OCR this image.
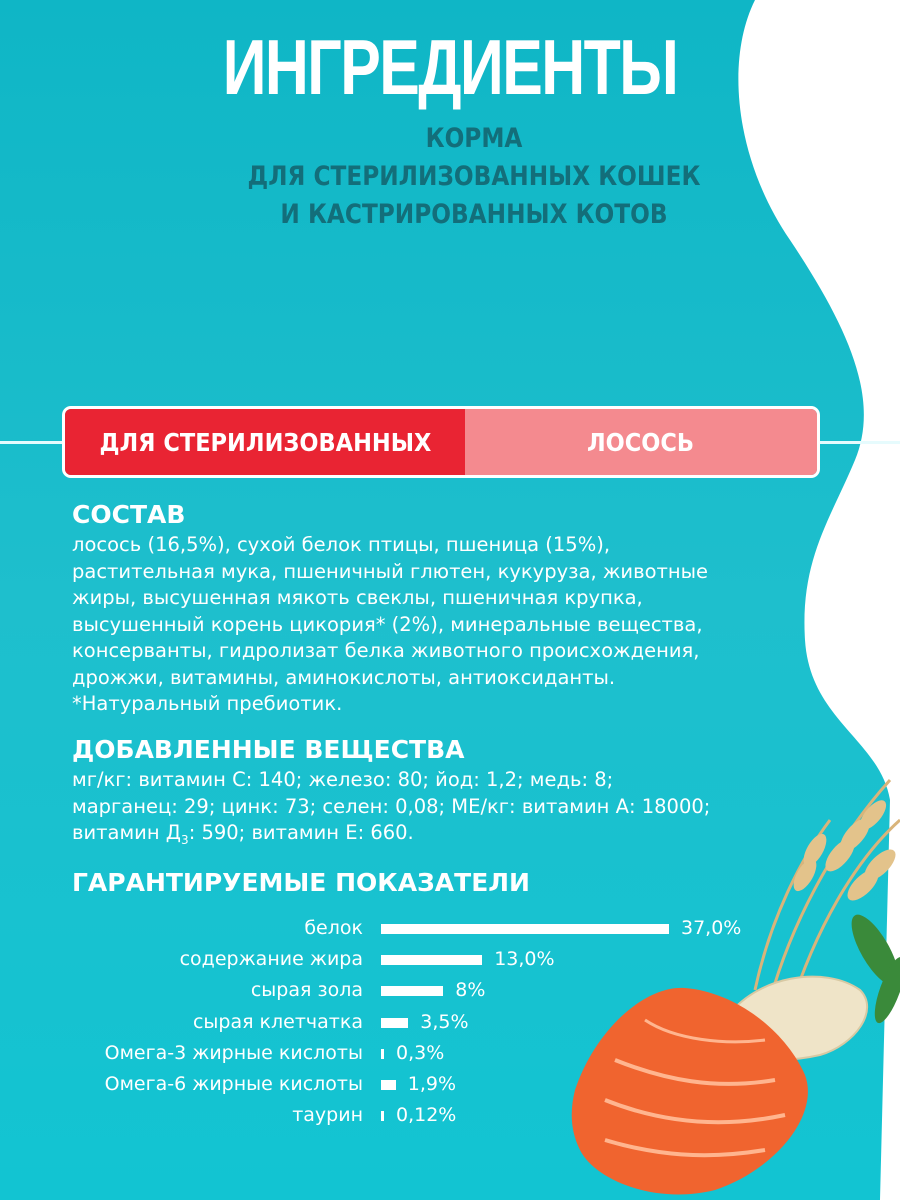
ИНГРЕДИЕНТЫ
КОРМА
ДЛЯ СТЕРИЛИЗОВАННЫХ КОШЕК
И КАСТРИРОВАННЫХ КОТОВ
ДЛЯ СТЕРИЛИЗОВАННЫХ	ЛОСОСЬ
СОСТАВ
лосось (16,5%), сухой белок птицы, пшеница (15%),
растительная мука, пшеничный глютен, кукуруза, животные
жиры, высушенная мякоть свеклы, пшеничная крупка,
высушенный корень цикория* (2%), минеральные вещества,
консерванты, гидролизат белка животного происхождения,
дрожжи, витамины, аминокислоты, антиоксиданты.
*Натуральный пребиотик.
ДОБАВЛЕННЫЕ ВЕЩЕСТВА
мг/кг: витамин С: 140; железо: 80; йод: 1,2; медь: 8;
марганец: 29; цинк: 73; селен: 0,08; МЕ/кг: витамин А: 18000;
витамин $Д_3$: 590; витамин Е: 660.
ГАРАНТИРУЕМЫЕ ПОКАЗАТЕЛИ
белок	37,0%
содержание жира	13,0%
сырая зола	8%
сырая клетчатка	3,5%
Омега-3 жирные кислоты 0,3%
Омега-6 жирные кислоты 1,9%
таурин 0,12%
